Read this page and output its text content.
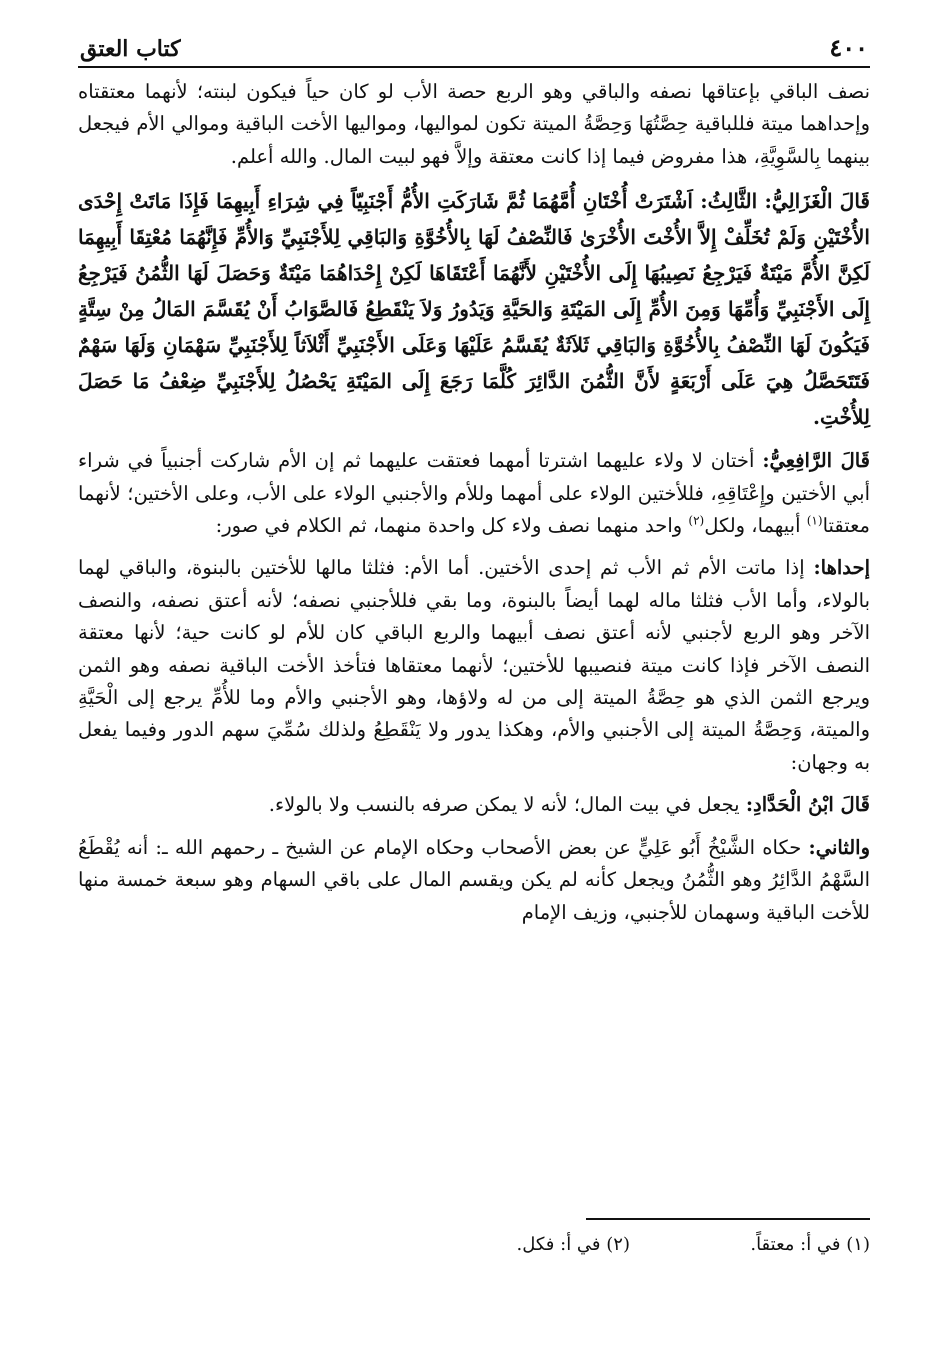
٤٠٠
كتاب العتق

نصف الباقي بإعتاقها نصفه والباقي وهو الربع حصة الأب لو كان حياً فيكون لبنته؛ لأنهما معتقتاه وإحداهما ميتة فللباقية حِصَّتُهَا وَحِصَّةُ الميتة تكون لمواليها، ومواليها الأخت الباقية وموالي الأم فيجعل بينهما بِالسَّوِيَّةِ، هذا مفروض فيما إذا كانت معتقة وإلاَّ فهو لبيت المال. والله أعلم.

قَالَ الْغَزَالِيُّ: الثَّالِثُ: اَشْتَرَتْ أُخْتَانِ أُمَّهُمَا ثُمَّ شَارَكَتِ الأُمُّ أَجْنَبِيّاً فِي شِرَاءِ أَبِيهِمَا فَإِذَا مَاتَتْ إِحْدَى الأُخْتَيْنِ وَلَمْ تُخَلِّفْ إِلاَّ الأُخْتَ الأُخْرَىٰ فَالنِّصْفُ لَهَا بِالأُخُوَّةِ وَالبَاقِي لِلأَجْنَبِيِّ وَالأُمِّ فَإِنَّهُمَا مُعْتِقَا أَبِيهِمَا لَكِنَّ الأُمَّ مَيْتَةٌ فَيَرْجِعُ نَصِيبُهَا إِلَى الأُخْتَيْنِ لأَنَّهُمَا أَعْتَقَاهَا لَكِنْ إِحْدَاهُمَا مَيْتَةٌ وَحَصَلَ لَهَا الثُّمُنُ فَيَرْجِعُ إِلَى الأَجْنَبِيِّ وَأُمِّهَا وَمِنَ الأُمِّ إِلَى المَيْتَةِ وَالحَيَّةِ وَيَدُورُ وَلاَ يَنْقَطِعُ فَالصَّوَابُ أَنْ يُقَسَّمَ المَالُ مِنْ سِتَّةٍ فَيَكُونَ لَهَا النِّصْفُ بِالأُخُوَّةِ وَالبَاقِي ثَلاَثَةٌ يُقَسَّمُ عَلَيْهَا وَعَلَى الأَجْنَبِيِّ أَثْلاَثاً لِلأَجْنَبِيِّ سَهْمَانِ وَلَهَا سَهْمٌ فَتَتَحَصَّلُ هِيَ عَلَى أَرْبَعَةٍ لأَنَّ الثُّمُنَ الدَّائِرَ كُلَّمَا رَجَعَ إِلَى المَيْتَةِ يَحْصُلُ لِلأَجْنَبِيِّ ضِعْفُ مَا حَصَلَ لِلأُخْتِ.

قَالَ الرَّافِعِيُّ: أختان لا ولاء عليهما اشترتا أمهما فعتقت عليهما ثم إن الأم شاركت أجنبياً في شراء أبي الأختين وإِعْتَاقِهِ، فللأختين الولاء على أمهما وللأم والأجنبي الولاء على الأب، وعلى الأختين؛ لأنهما معتقتا$^{(١)}$ أبيهما، ولكل$^{(٢)}$ واحد منهما نصف ولاء كل واحدة منهما، ثم الكلام في صور:

إحداها: إذا ماتت الأم ثم الأب ثم إحدى الأختين. أما الأم: فثلثا مالها للأختين بالبنوة، والباقي لهما بالولاء، وأما الأب فثلثا ماله لهما أيضاً بالبنوة، وما بقي فللأجنبي نصفه؛ لأنه أعتق نصفه، والنصف الآخر وهو الربع لأجنبي لأنه أعتق نصف أبيهما والربع الباقي كان للأم لو كانت حية؛ لأنها معتقة النصف الآخر فإذا كانت ميتة فنصيبها للأختين؛ لأنهما معتقاها فتأخذ الأخت الباقية نصفه وهو الثمن ويرجع الثمن الذي هو حِصَّةُ الميتة إلى من له ولاؤها، وهو الأجنبي والأم وما للأُمِّ يرجع إلى الْحَيَّةِ والميتة، وَحِصَّةُ الميتة إلى الأجنبي والأم، وهكذا يدور ولا يَنْقَطِعُ ولذلك سُمِّيَ سهم الدور وفيما يفعل به وجهان:

قَالَ ابْنُ الْحَدَّادِ: يجعل في بيت المال؛ لأنه لا يمكن صرفه بالنسب ولا بالولاء.

والثاني: حكاه الشَّيْخُ أَبُو عَلِيٍّ عن بعض الأصحاب وحكاه الإمام عن الشيخ ـ رحمهم الله ـ: أنه يُقْطَعُ السَّهْمُ الدَّائِرُ وهو الثُّمُنُ ويجعل كأنه لم يكن ويقسم المال على باقي السهام وهو سبعة خمسة منها للأخت الباقية وسهمان للأجنبي، وزيف الإمام

(١) في أ: معتقاً.
(٢) في أ: فكل.
